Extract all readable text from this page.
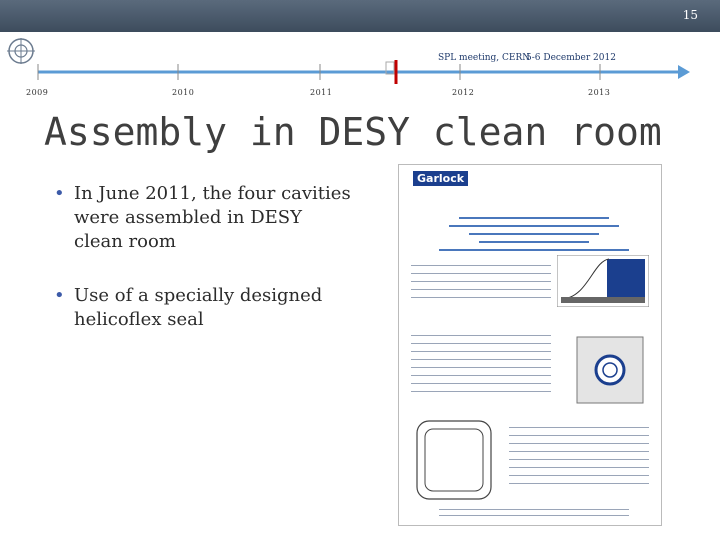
15
SPL meeting, CERN
5-6 December 2012
2009	2010	2011	2012	2013
Assembly in DESY clean room
• In June 2011, the four cavities were assembled in DESY clean room
• Use of a specially designed helicoflex seal
Garlock
